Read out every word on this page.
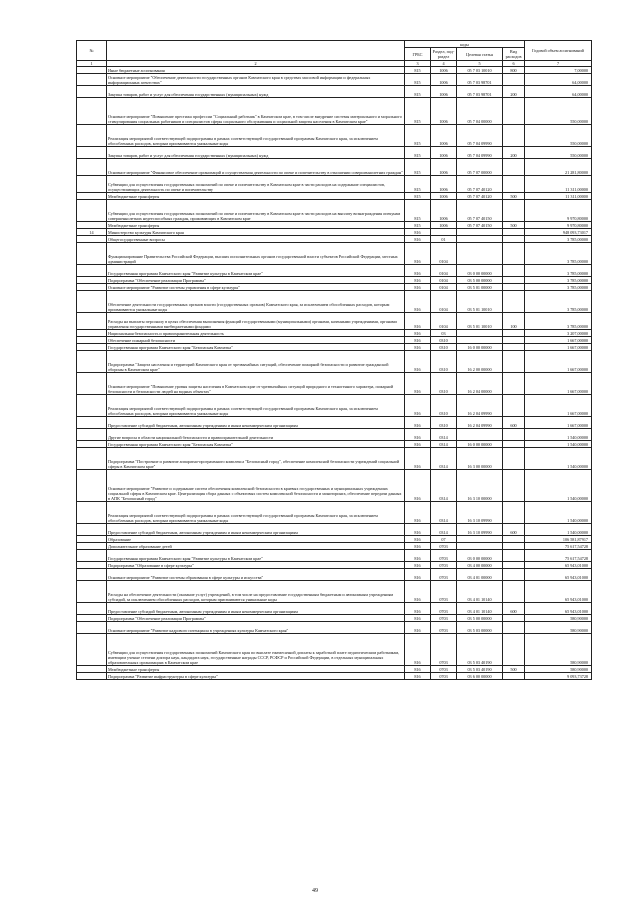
№		коды				Годовой объем ассигнований
		ГРБС	Раздел, под-раздел	Целевая статья	Вид расходов	
1	2	3	4	5	6	7
	Иные бюджетные ассигнования	815	1006	05 7 03 10010	800	7,00000
	Основное мероприятие "Обеспечение деятельности государственных органов Камчатского края в средствах массовой информации и федеральных информационных агентствах"	815	1006	05 7 03 98701		64,00000
	Закупка товаров, работ и услуг для обеспечения государственных (муниципальных) нужд	815	1006	05 7 03 98701	200	64,00000
	Основное мероприятие "Повышение престижа профессии "Социальный работник" в Камчатском крае, в том числе внедрение системы материального и морального стимулирования социальных работников и специалистов сферы социального обслуживания и социальной защиты населения в Камчатском крае"	815	1006	05 7 04 00000		550,00000
	Реализация мероприятий соответствующей подпрограммы в рамках соответствующей государственной программы Камчатского края, за исключением обособленных расходов, которым присваиваются уникальные коды	815	1006	05 7 04 09990		550,00000
	Закупка товаров, работ и услуг для обеспечения государственных (муниципальных) нужд	815	1006	05 7 04 09990	200	550,00000
	Основное мероприятие "Финансовое обеспечение организаций и осуществления деятельности по опеке и попечительству в отношении совершеннолетних граждан"	815	1006	05 7 07 00000		21 281,80000
	Субвенции для осуществления государственных полномочий по опеке и попечительству в Камчатском крае в части расходов на содержание специалистов, осуществляющих деятельность по опеке и попечительству	815	1006	05 7 07 40120		11 311,00000
	Межбюджетные трансферты	815	1006	05 7 07 40120	500	11 311,00000
	Субвенции для осуществления государственных полномочий по опеке и попечительству в Камчатском крае в части расходов на выплату вознаграждения опекунам совершеннолетних недееспособных граждан, проживающих в Камчатском крае	815	1006	05 7 07 40150		9 970,80000
	Межбюджетные трансферты	815	1006	05 7 07 40150	500	9 970,80000
14	Министерство культуры Камчатского края	816				948 093,73017
	Общегосударственные вопросы	816	01			3 785,00000
	Функционирование Правительства Российской Федерации, высших исполнительных органов государственной власти субъектов Российской Федерации, местных администраций	816	0104			3 785,00000
	Государственная программа Камчатского края "Развитие культуры в Камчатском крае"	816	0104	03 0 00 00000		3 785,00000
	Подпрограмма "Обеспечение реализации Программы"	816	0104	03 5 00 00000		3 785,00000
	Основное мероприятие "Развитие системы управления в сфере культуры"	816	0104	03 5 01 00000		3 785,00000
	Обеспечение деятельности государственных органов власти (государственных органов) Камчатского края, за исключением обособленных расходов, которым присваиваются уникальные коды	816	0104	03 5 01 10010		3 785,00000
	Расходы на выплаты персоналу в целях обеспечения выполнения функций государственными (муниципальными) органами, казенными учреждениями, органами управления государственными внебюджетными фондами	816	0104	03 5 01 10010	100	3 785,00000
	Национальная безопасность и правоохранительная деятельность	816	03			3 207,00000
	Обеспечение пожарной безопасности	816	0310			1 667,00000
	Государственная программа Камчатского края "Безопасная Камчатка"	816	0310	16 0 00 00000		1 667,00000
	Подпрограмма "Защита населения и территорий Камчатского края от чрезвычайных ситуаций, обеспечение пожарной безопасности и развитие гражданской обороны в Камчатском крае"	816	0310	16 2 00 00000		1 667,00000
	Основное мероприятие "Повышение уровня защиты населения в Камчатском крае от чрезвычайных ситуаций природного и техногенного характера, пожарной безопасности и безопасности людей на водных объектах"	816	0310	16 2 04 00000		1 667,00000
	Реализация мероприятий соответствующей подпрограммы в рамках соответствующей государственной программы Камчатского края, за исключением обособленных расходов, которым присваиваются уникальные коды	816	0310	16 2 04 09990		1 667,00000
	Предоставление субсидий бюджетным, автономным учреждениям и иным некоммерческим организациям	816	0310	16 2 04 09990	600	1 667,00000
	Другие вопросы в области национальной безопасности и правоохранительной деятельности	816	0314			1 540,00000
	Государственная программа Камчатского края "Безопасная Камчатка"	816	0314	16 0 00 00000		1 540,00000
	Подпрограмма "Построение и развитие аппаратно-программного комплекса "Безопасный город", обеспечение комплексной безопасности учреждений социальной сферы в Камчатском крае"	816	0314	16 3 00 00000		1 540,00000
	Основное мероприятие "Развитие и содержание систем обеспечения комплексной безопасности в краевых государственных и муниципальных учреждениях социальной сферы в Камчатском крае. Централизация сбора данных с объектовых систем комплексной безопасности и мониторинга, обеспечение передачи данных в АПК "Безопасный город"	816	0314	16 3 10 00000		1 540,00000
	Реализация мероприятий соответствующей подпрограммы в рамках соответствующей государственной программы Камчатского края, за исключением обособленных расходов, которым присваиваются уникальные коды	816	0314	16 3 10 09990		1 540,00000
	Предоставление субсидий бюджетным, автономным учреждениям и иным некоммерческим организациям	816	0314	16 3 10 09990	600	1 540,00000
	Образование	816	07			106 581,87917
	Дополнительное образование детей	816	0703			75 617,54728
	Государственная программа Камчатского края "Развитие культуры в Камчатском крае"	816	0703	03 0 00 00000		75 617,54728
	Подпрограмма "Образование в сфере культуры"	816	0703	03 4 00 00000		65 943,01000
	Основное мероприятие "Развитие системы образования в сфере культуры и искусства"	816	0703	03 4 01 00000		65 943,01000
	Расходы на обеспечение деятельности (оказание услуг) учреждений, в том числе на предоставление государственным бюджетным и автономным учреждениям субсидий, за исключением обособленных расходов, которым присваиваются уникальные коды	816	0703	03 4 01 10140		65 943,01000
	Предоставление субсидий бюджетным, автономным учреждениям и иным некоммерческим организациям	816	0703	03 4 01 10140	600	65 943,01000
	Подпрограмма "Обеспечение реализации Программы"	816	0703	03 5 00 00000		580,90000
	Основное мероприятие "Развитие кадрового потенциала в учреждениях культуры Камчатского края"	816	0703	03 5 03 00000		580,90000
	Субвенции для осуществления государственных полномочий Камчатского края по выплате ежемесячной доплаты к заработной плате педагогическим работникам, имеющим ученые степени доктора наук, кандидата наук, государственные награды СССР, РСФСР и Российской Федерации, в отдельных муниципальных образовательных организациях в Камчатском крае	816	0703	03 5 03 40190		580,90000
	Межбюджетные трансферты	816	0703	03 5 03 40190	500	580,90000
	Подпрограмма "Развитие инфраструктуры в сфере культуры"	816	0703	03 6 00 00000		9 093,73728
49
